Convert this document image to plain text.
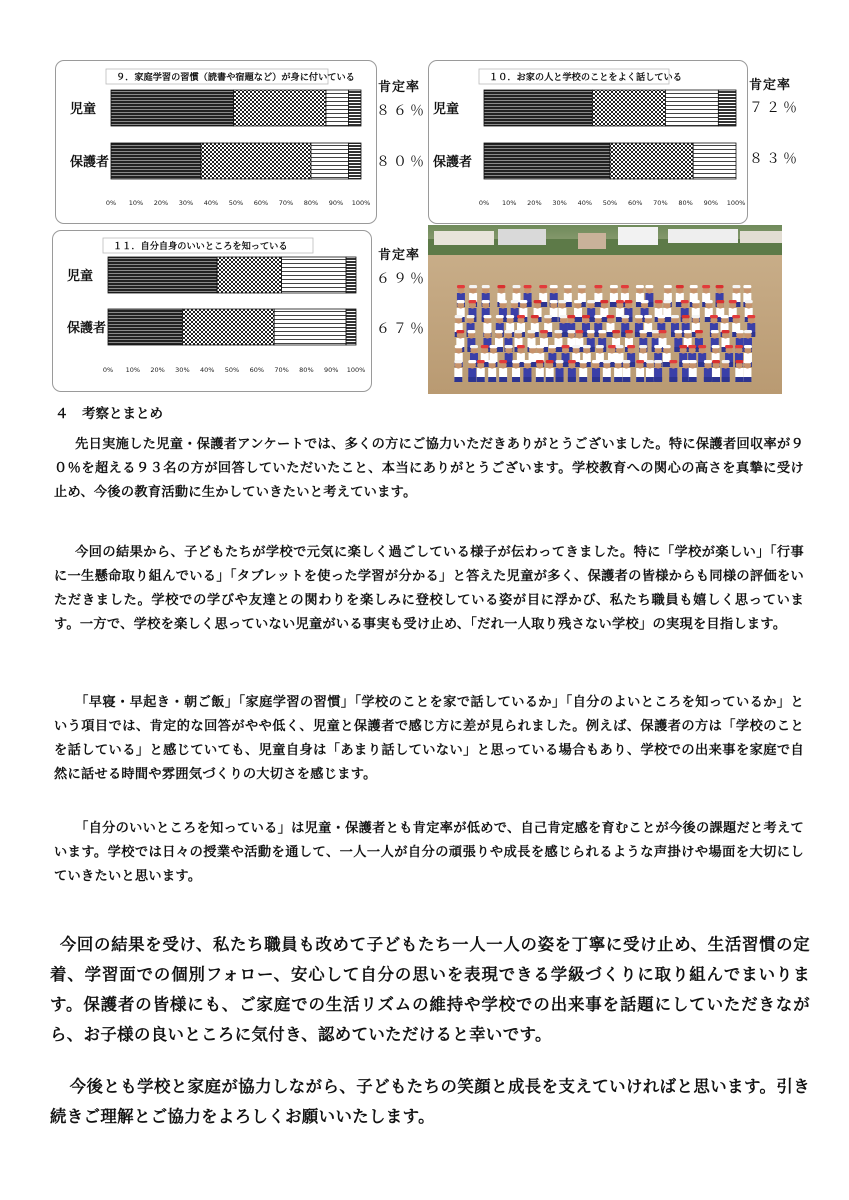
９．家庭学習の習慣（読書や宿題など）が身に付いている
児童
保護者
0% 10% 20% 30% 40% 50% 60% 70% 80% 90% 100%
肯定率
８６％
８０％
１０．お家の人と学校のことをよく話している
児童
保護者
0% 10% 20% 30% 40% 50% 60% 70% 80% 90% 100%
肯定率
７２％
８３％
１１．自分自身のいいところを知っている
児童
保護者
0% 10% 20% 30% 40% 50% 60% 70% 80% 90% 100%
肯定率
６９％
６７％
４　考察とまとめ

先日実施した児童・保護者アンケートでは、多くの方にご協力いただきありがとうございました。特に保護者回収率が９０％を超える９３名の方が回答していただいたこと、本当にありがとうございます。学校教育への関心の高さを真摯に受け止め、今後の教育活動に生かしていきたいと考えています。

今回の結果から、子どもたちが学校で元気に楽しく過ごしている様子が伝わってきました。特に「学校が楽しい」「行事に一生懸命取り組んでいる」「タブレットを使った学習が分かる」と答えた児童が多く、保護者の皆様からも同様の評価をいただきました。学校での学びや友達との関わりを楽しみに登校している姿が目に浮かび、私たち職員も嬉しく思っています。一方で、学校を楽しく思っていない児童がいる事実も受け止め、「だれ一人取り残さない学校」の実現を目指します。

「早寝・早起き・朝ご飯」「家庭学習の習慣」「学校のことを家で話しているか」「自分のよいところを知っているか」という項目では、肯定的な回答がやや低く、児童と保護者で感じ方に差が見られました。例えば、保護者の方は「学校のことを話している」と感じていても、児童自身は「あまり話していない」と思っている場合もあり、学校での出来事を家庭で自然に話せる時間や雰囲気づくりの大切さを感じます。

「自分のいいところを知っている」は児童・保護者とも肯定率が低めで、自己肯定感を育むことが今後の課題だと考えています。学校では日々の授業や活動を通して、一人一人が自分の頑張りや成長を感じられるような声掛けや場面を大切にしていきたいと思います。

今回の結果を受け、私たち職員も改めて子どもたち一人一人の姿を丁寧に受け止め、生活習慣の定着、学習面での個別フォロー、安心して自分の思いを表現できる学級づくりに取り組んでまいります。保護者の皆様にも、ご家庭での生活リズムの維持や学校での出来事を話題にしていただきながら、お子様の良いところに気付き、認めていただけると幸いです。

今後とも学校と家庭が協力しながら、子どもたちの笑顔と成長を支えていければと思います。引き続きご理解とご協力をよろしくお願いいたします。
